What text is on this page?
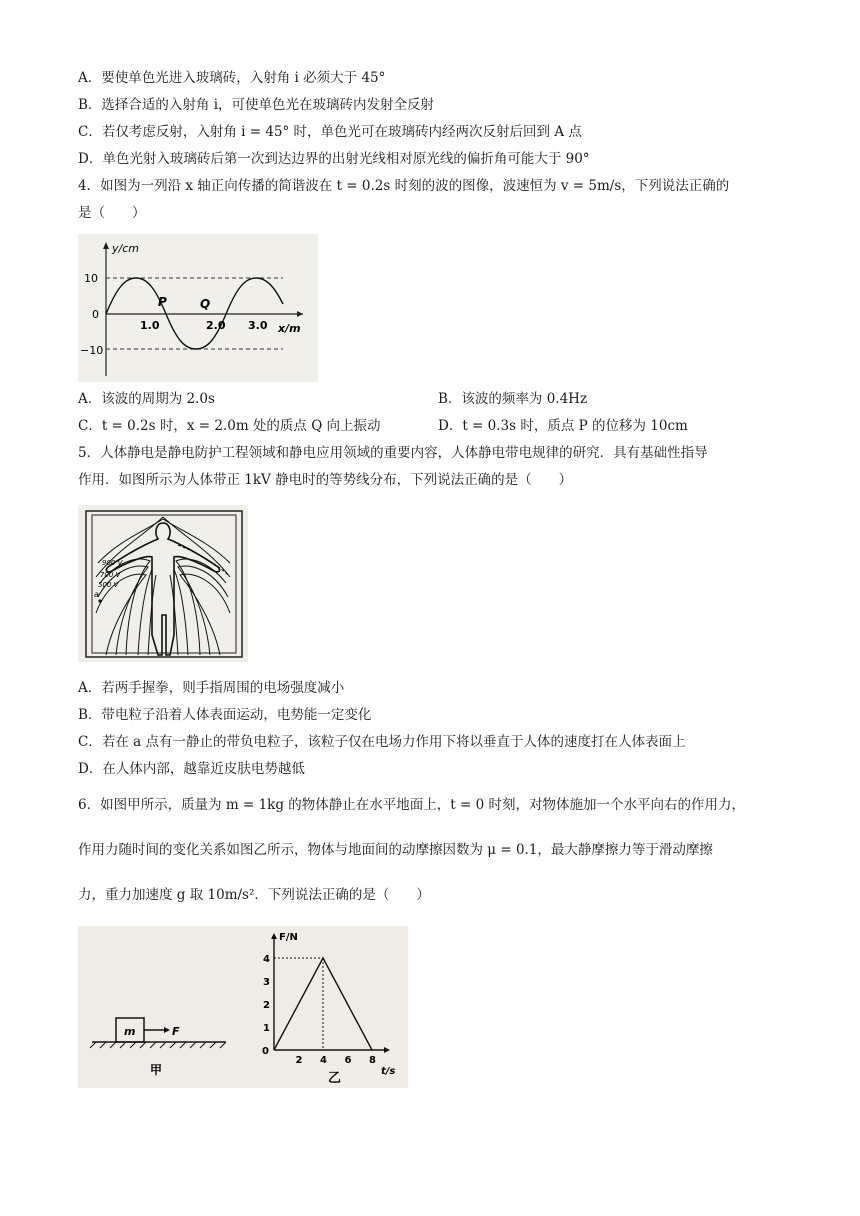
A．要使单色光进入玻璃砖，入射角 i 必须大于 45°
B．选择合适的入射角 i，可使单色光在玻璃砖内发射全反射
C．若仅考虑反射，入射角 i = 45° 时，单色光可在玻璃砖内经两次反射后回到 A 点
D．单色光射入玻璃砖后第一次到达边界的出射光线相对原光线的偏折角可能大于 90°
4．如图为一列沿 x 轴正向传播的简谐波在 t = 0.2s 时刻的波的图像，波速恒为 v = 5m/s，下列说法正确的
是（　　）
10
0
−10
1.0	2.0 3.0 x/m
y/cm
P	Q
A．该波的周期为 2.0s	B．该波的频率为 0.4Hz
C．t = 0.2s 时，x = 2.0m 处的质点 Q 向上振动	D．t = 0.3s 时，质点 P 的位移为 10cm
5．人体静电是静电防护工程领域和静电应用领域的重要内容，人体静电带电规律的研究．具有基础性指导
作用．如图所示为人体带正 1kV 静电时的等势线分布，下列说法正确的是（　　）
900 V
700 V
500 V
a
A．若两手握拳，则手指周围的电场强度减小
B．带电粒子沿着人体表面运动，电势能一定变化
C．若在 a 点有一静止的带负电粒子，该粒子仅在电场力作用下将以垂直于人体的速度打在人体表面上
D．在人体内部，越靠近皮肤电势越低
6．如图甲所示，质量为 m = 1kg 的物体静止在水平地面上，t = 0 时刻，对物体施加一个水平向右的作用力，
作用力随时间的变化关系如图乙所示，物体与地面间的动摩擦因数为 μ = 0.1，最大静摩擦力等于滑动摩擦
力，重力加速度 g 取 10m/s²．下列说法正确的是（　　）
m	F
甲
F/N
t/s
0
2 4 6 8
1
2
3
4
乙
